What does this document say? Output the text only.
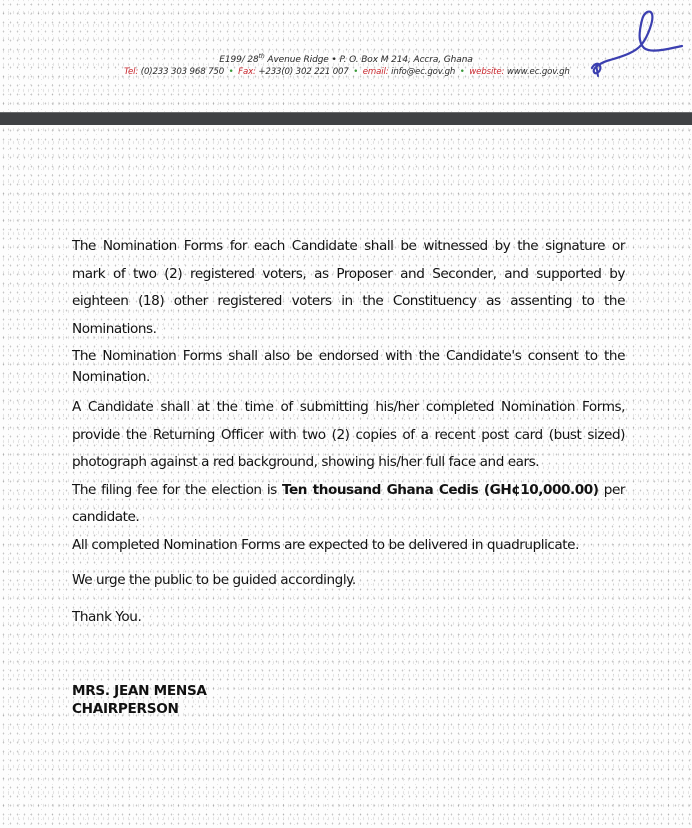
E199/ 28th Avenue Ridge • P. O. Box M 214, Accra, Ghana
Tel: (0)233 303 968 750 • Fax: +233(0) 302 221 007 • email: info@ec.gov.gh • website: www.ec.gov.gh

The Nomination Forms for each Candidate shall be witnessed by the signature or mark of two (2) registered voters, as Proposer and Seconder, and supported by eighteen (18) other registered voters in the Constituency as assenting to the Nominations.

The Nomination Forms shall also be endorsed with the Candidate's consent to the Nomination.

A Candidate shall at the time of submitting his/her completed Nomination Forms, provide the Returning Officer with two (2) copies of a recent post card (bust sized) photograph against a red background, showing his/her full face and ears.

The filing fee for the election is Ten thousand Ghana Cedis (GH¢10,000.00) per candidate.

All completed Nomination Forms are expected to be delivered in quadruplicate.

We urge the public to be guided accordingly.

Thank You.

MRS. JEAN MENSA

CHAIRPERSON
